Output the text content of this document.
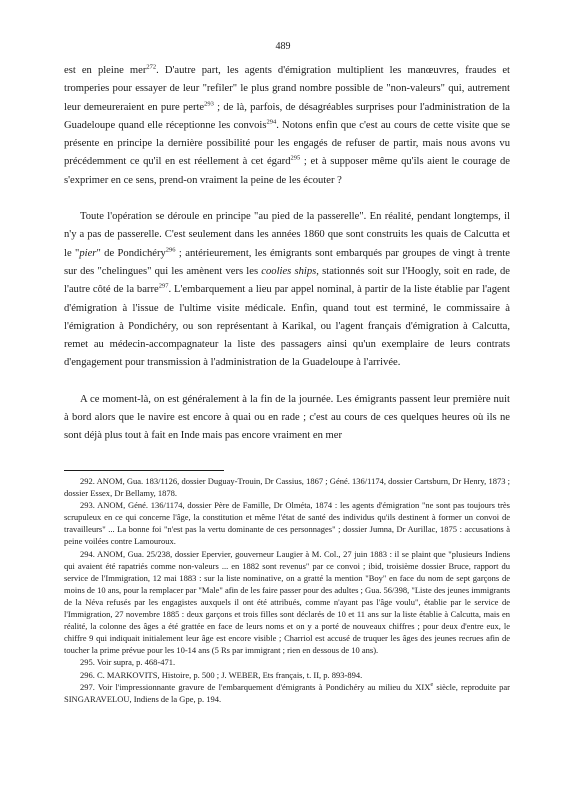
489

est en pleine mer$^{272}$. D'autre part, les agents d'émigration multiplient les manœuvres, fraudes et tromperies pour essayer de leur "refiler" le plus grand nombre possible de "non-valeurs" qui, autrement leur demeureraient en pure perte$^{293}$ ; de là, parfois, de désagréables surprises pour l'administration de la Guadeloupe quand elle réceptionne les convois$^{294}$. Notons enfin que c'est au cours de cette visite que se présente en principe la dernière possibilité pour les engagés de refuser de partir, mais nous avons vu précédemment ce qu'il en est réellement à cet égard$^{295}$ ; et à supposer même qu'ils aient le courage de s'exprimer en ce sens, prend-on vraiment la peine de les écouter ?

Toute l'opération se déroule en principe "au pied de la passerelle". En réalité, pendant longtemps, il n'y a pas de passerelle. C'est seulement dans les années 1860 que sont construits les quais de Calcutta et le "pier" de Pondichéry$^{296}$ ; antérieurement, les émigrants sont embarqués par groupes de vingt à trente sur des "chelingues" qui les amènent vers les coolies ships, stationnés soit sur l'Hoogly, soit en rade, de l'autre côté de la barre$^{297}$. L'embarquement a lieu par appel nominal, à partir de la liste établie par l'agent d'émigration à l'issue de l'ultime visite médicale. Enfin, quand tout est terminé, le commissaire à l'émigration à Pondichéry, ou son représentant à Karikal, ou l'agent français d'émigration à Calcutta, remet au médecin-accompagnateur la liste des passagers ainsi qu'un exemplaire de leurs contrats d'engagement pour transmission à l'administration de la Guadeloupe à l'arrivée.

A ce moment-là, on est généralement à la fin de la journée. Les émigrants passent leur première nuit à bord alors que le navire est encore à quai ou en rade ; c'est au cours de ces quelques heures où ils ne sont déjà plus tout à fait en Inde mais pas encore vraiment en mer

292. ANOM, Gua. 183/1126, dossier Duguay-Trouin, Dr Cassius, 1867 ; Géné. 136/1174, dossier Cartsburn, Dr Henry, 1873 ; dossier Essex, Dr Bellamy, 1878.

293. ANOM, Géné. 136/1174, dossier Père de Famille, Dr Olméta, 1874 : les agents d'émigration "ne sont pas toujours très scrupuleux en ce qui concerne l'âge, la constitution et même l'état de santé des individus qu'ils destinent à former un convoi de travailleurs" ... La bonne foi "n'est pas la vertu dominante de ces personnages" ; dossier Jumna, Dr Aurillac, 1875 : accusations à peine voilées contre Lamouroux.

294. ANOM, Gua. 25/238, dossier Epervier, gouverneur Laugier à M. Col., 27 juin 1883 : il se plaint que "plusieurs Indiens qui avaient été rapatriés comme non-valeurs ... en 1882 sont revenus" par ce convoi ; ibid, troisième dossier Bruce, rapport du service de l'Immigration, 12 mai 1883 : sur la liste nominative, on a gratté la mention "Boy" en face du nom de sept garçons de moins de 10 ans, pour la remplacer par "Male" afin de les faire passer pour des adultes ; Gua. 56/398, "Liste des jeunes immigrants de la Néva refusés par les engagistes auxquels il ont été attribués, comme n'ayant pas l'âge voulu", établie par le service de l'Immigration, 27 novembre 1885 : deux garçons et trois filles sont déclarés de 10 et 11 ans sur la liste établie à Calcutta, mais en réalité, la colonne des âges a été grattée en face de leurs noms et on y a porté de nouveaux chiffres ; pour deux d'entre eux, le chiffre 9 qui indiquait initialement leur âge est encore visible ; Charriol est accusé de truquer les âges des jeunes recrues afin de toucher la prime prévue pour les 10-14 ans (5 Rs par immigrant ; rien en dessous de 10 ans).

295. Voir supra, p. 468-471.

296. C. MARKOVITS, Histoire, p. 500 ; J. WEBER, Ets français, t. II, p. 893-894.

297. Voir l'impressionnante gravure de l'embarquement d'émigrants à Pondichéry au milieu du XIXe siècle, reproduite par SINGARAVELOU, Indiens de la Gpe, p. 194.
